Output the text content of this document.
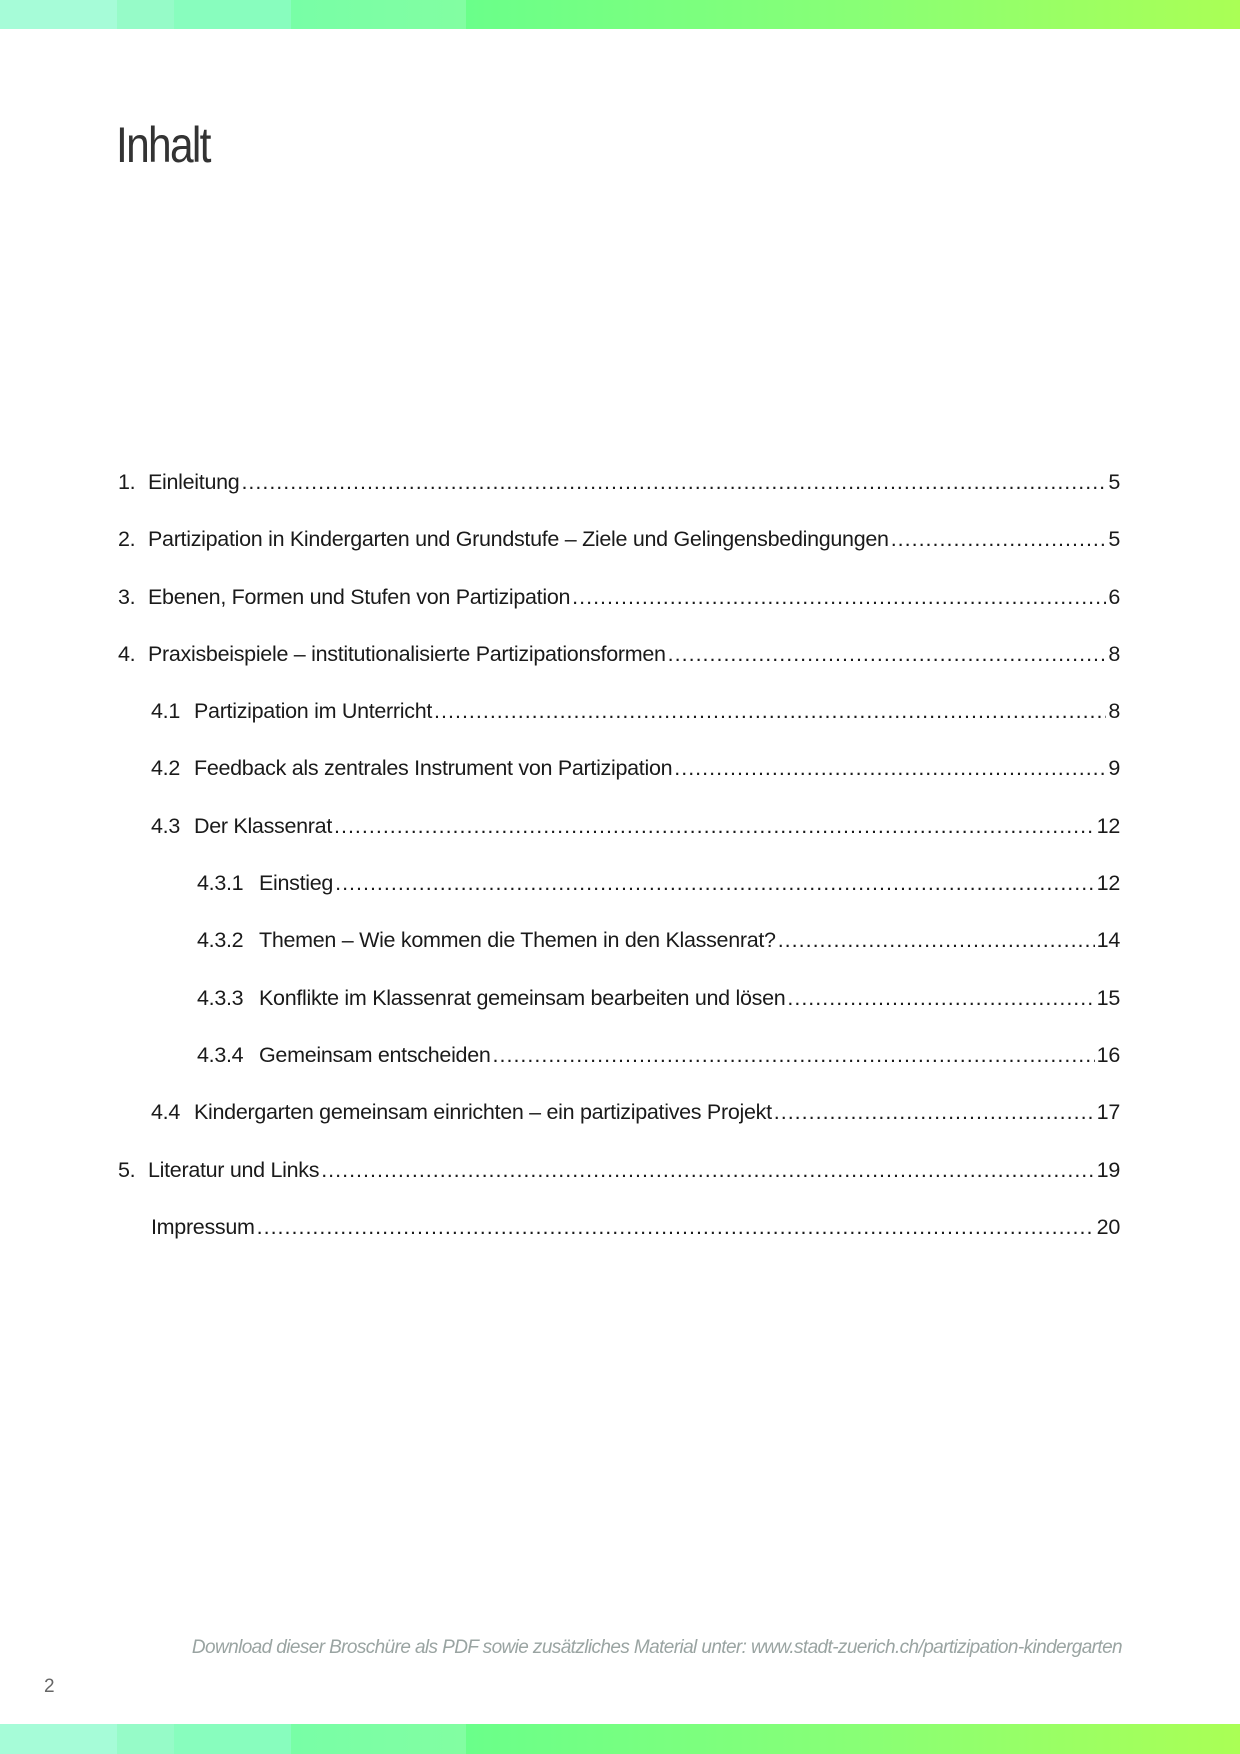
Inhalt
1. Einleitung .....	5
2. Partizipation in Kindergarten und Grundstufe – Ziele und Gelingensbedingungen .....	5
3. Ebenen, Formen und Stufen von Partizipation .....	6
4. Praxisbeispiele – institutionalisierte Partizipationsformen .....	8
4.1 Partizipation im Unterricht .....	8
4.2 Feedback als zentrales Instrument von Partizipation .....	9
4.3 Der Klassenrat .....	12
4.3.1 Einstieg .....	12
4.3.2 Themen – Wie kommen die Themen in den Klassenrat? .....	14
4.3.3 Konflikte im Klassenrat gemeinsam bearbeiten und lösen .....	15
4.3.4 Gemeinsam entscheiden .....	16
4.4 Kindergarten gemeinsam einrichten – ein partizipatives Projekt .....	17
5. Literatur und Links .....	19
Impressum .....	20
Download dieser Broschüre als PDF sowie zusätzliches Material unter: www.stadt-zuerich.ch/partizipation-kindergarten
2
